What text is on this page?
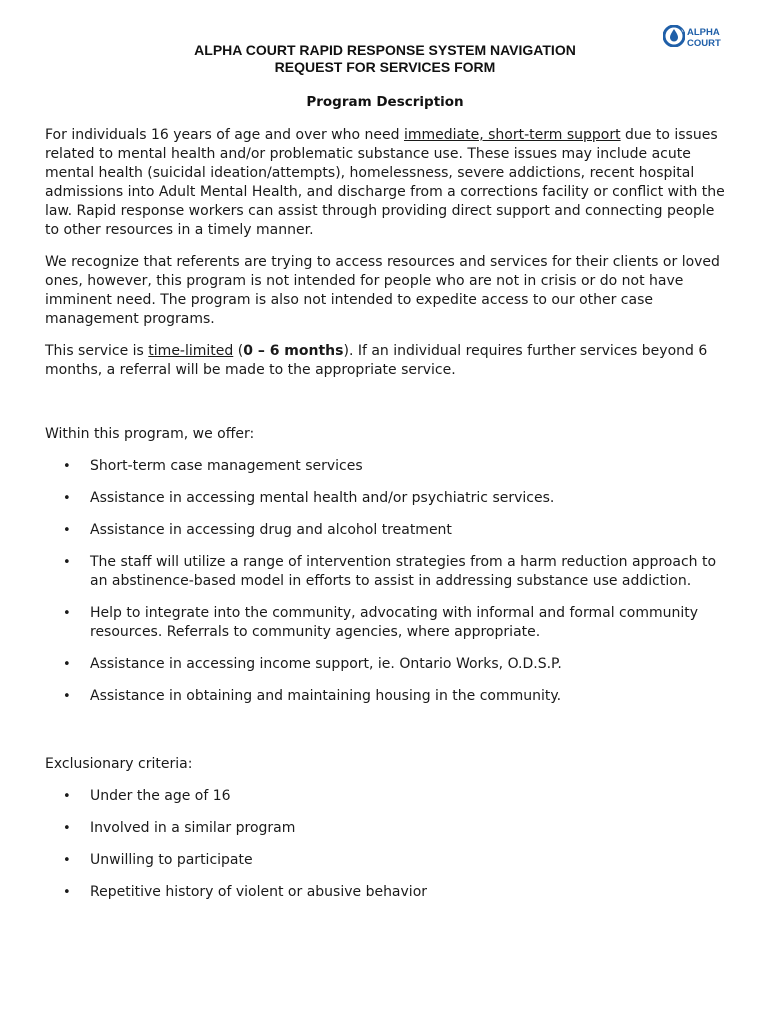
ALPHA
COURT
ALPHA COURT RAPID RESPONSE SYSTEM NAVIGATION
REQUEST FOR SERVICES FORM
Program Description

For individuals 16 years of age and over who need immediate, short-term support due to issues related to mental health and/or problematic substance use. These issues may include acute mental health (suicidal ideation/attempts), homelessness, severe addictions, recent hospital admissions into Adult Mental Health, and discharge from a corrections facility or conflict with the law. Rapid response workers can assist through providing direct support and connecting people to other resources in a timely manner.

We recognize that referents are trying to access resources and services for their clients or loved ones, however, this program is not intended for people who are not in crisis or do not have imminent need. The program is also not intended to expedite access to our other case management programs.

This service is time-limited (0 – 6 months). If an individual requires further services beyond 6 months, a referral will be made to the appropriate service.

Within this program, we offer:
• Short-term case management services
• Assistance in accessing mental health and/or psychiatric services.
• Assistance in accessing drug and alcohol treatment
• The staff will utilize a range of intervention strategies from a harm reduction approach to an abstinence-based model in efforts to assist in addressing substance use addiction.
• Help to integrate into the community, advocating with informal and formal community resources. Referrals to community agencies, where appropriate.
• Assistance in accessing income support, ie. Ontario Works, O.D.S.P.
• Assistance in obtaining and maintaining housing in the community.
Exclusionary criteria:
• Under the age of 16
• Involved in a similar program
• Unwilling to participate
• Repetitive history of violent or abusive behavior
